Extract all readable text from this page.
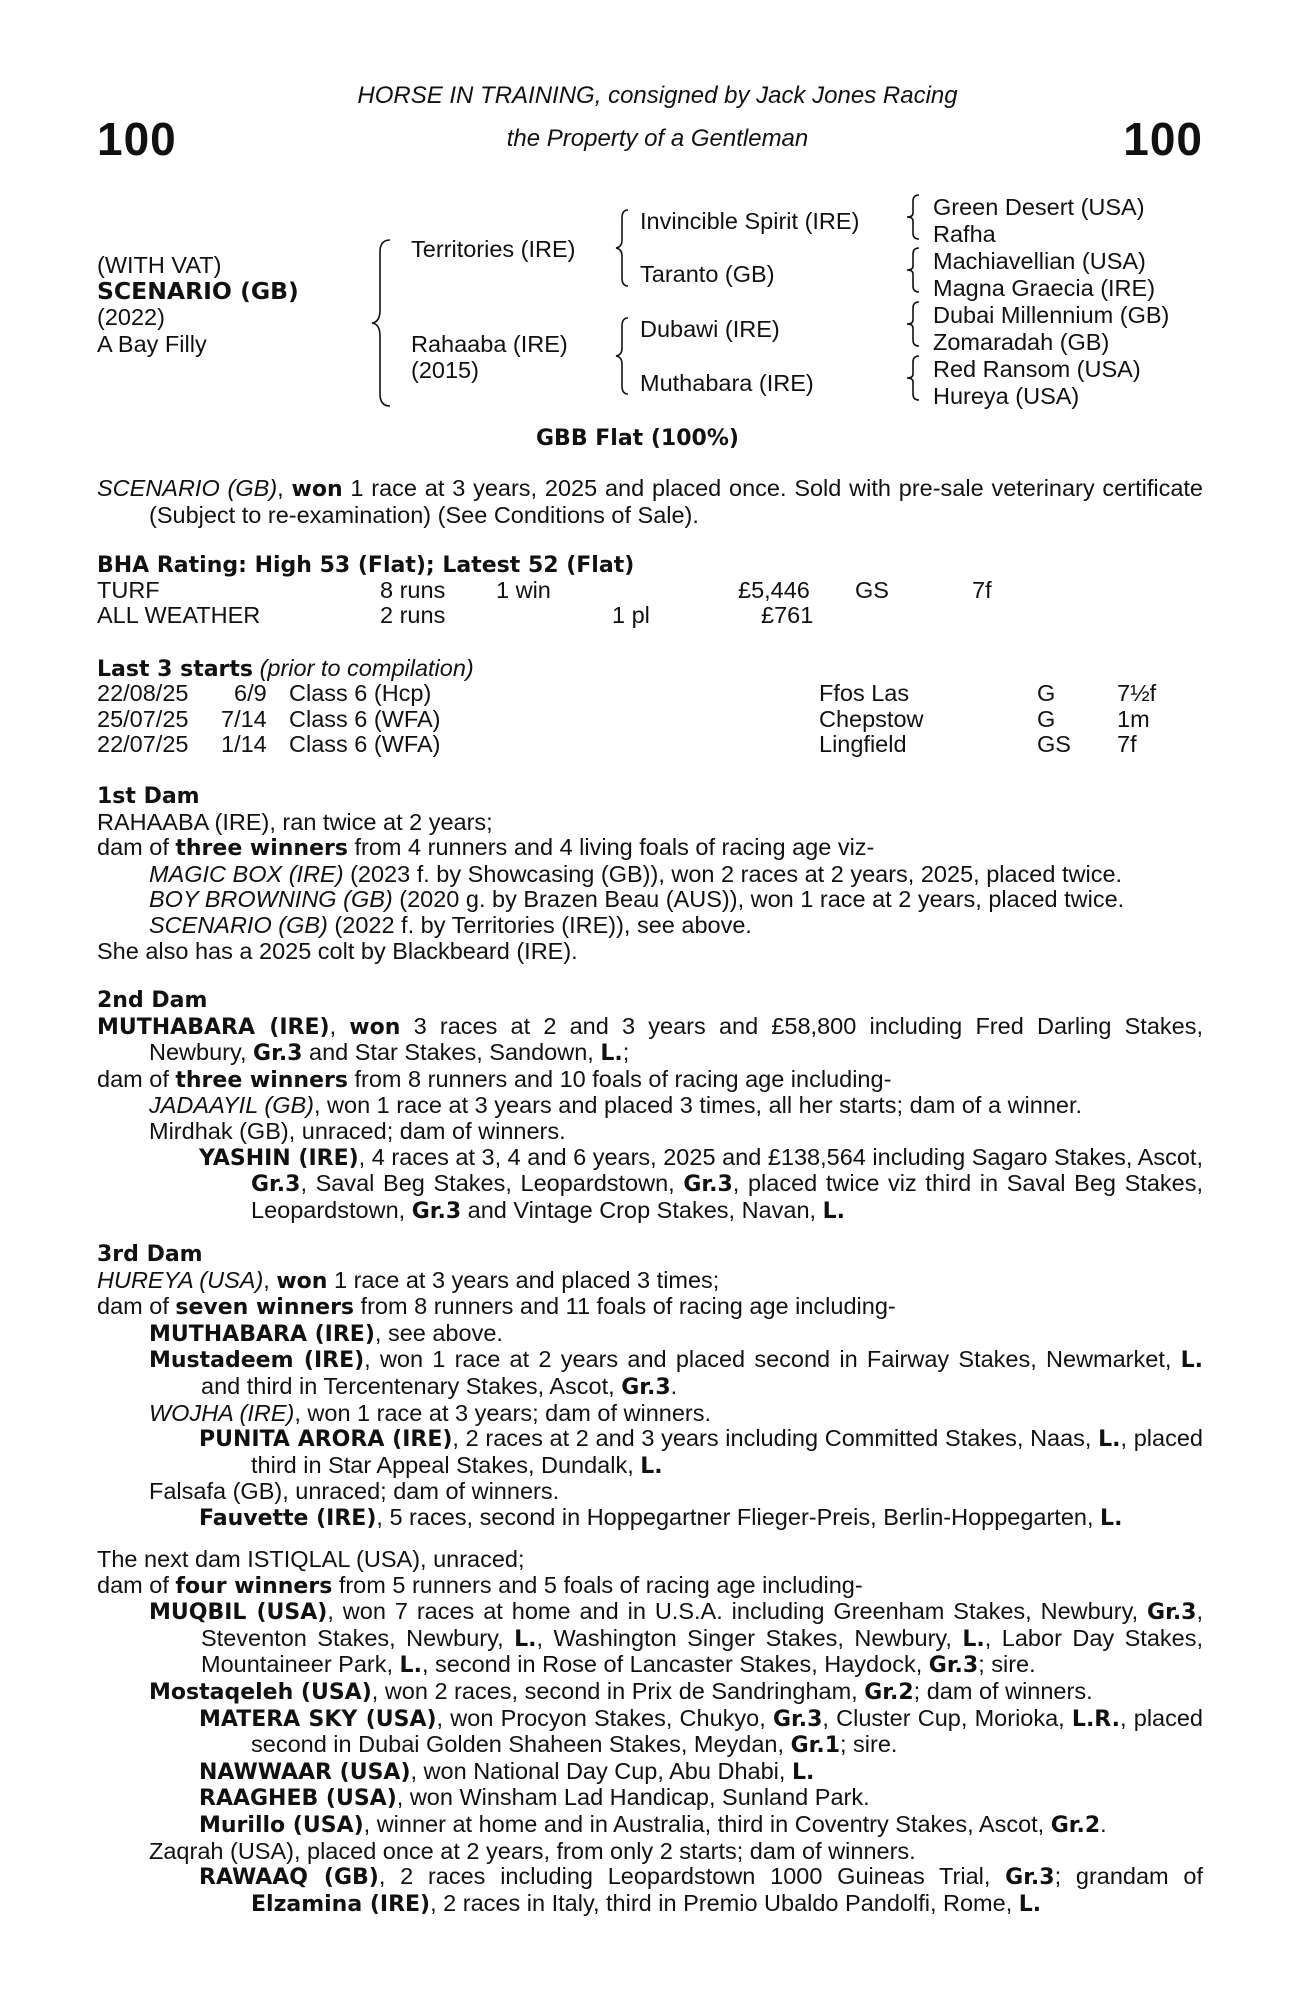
100	100
HORSE IN TRAINING, consigned by Jack Jones Racing
the Property of a Gentleman
(WITH VAT)
SCENARIO (GB)
(2022)
A Bay Filly
Territories (IRE)
Rahaaba (IRE)
(2015)
Invincible Spirit (IRE)
Taranto (GB)
Dubawi (IRE)
Muthabara (IRE)
Green Desert (USA)
Rafha
Machiavellian (USA)
Magna Graecia (IRE)
Dubai Millennium (GB)
Zomaradah (GB)
Red Ransom (USA)
Hureya (USA)
GBB Flat (100%)

SCENARIO (GB), won 1 race at 3 years, 2025 and placed once. Sold with pre-sale veterinary certificate (Subject to re-examination) (See Conditions of Sale).

BHA Rating: High 53 (Flat); Latest 52 (Flat)
TURF	8 runs 1 win	£5,446 GS	7f
ALL WEATHER	2 runs	1 pl	£761
Last 3 starts (prior to compilation)
22/08/25 6/9 Class 6 (Hcp)	Ffos Las	G	7½f
25/07/25 7/14 Class 6 (WFA)	Chepstow	G	1m
22/07/25 1/14 Class 6 (WFA)	Lingfield	GS 7f
1st Dam
RAHAABA (IRE), ran twice at 2 years;
dam of three winners from 4 runners and 4 living foals of racing age viz-
MAGIC BOX (IRE) (2023 f. by Showcasing (GB)), won 2 races at 2 years, 2025, placed twice.
BOY BROWNING (GB) (2020 g. by Brazen Beau (AUS)), won 1 race at 2 years, placed twice.
SCENARIO (GB) (2022 f. by Territories (IRE)), see above.
She also has a 2025 colt by Blackbeard (IRE).
2nd Dam

MUTHABARA (IRE), won 3 races at 2 and 3 years and £58,800 including Fred Darling Stakes, Newbury, Gr.3 and Star Stakes, Sandown, L.;

dam of three winners from 8 runners and 10 foals of racing age including-
JADAAYIL (GB), won 1 race at 3 years and placed 3 times, all her starts; dam of a winner.
Mirdhak (GB), unraced; dam of winners.

YASHIN (IRE), 4 races at 3, 4 and 6 years, 2025 and £138,564 including Sagaro Stakes, Ascot, Gr.3, Saval Beg Stakes, Leopardstown, Gr.3, placed twice viz third in Saval Beg Stakes, Leopardstown, Gr.3 and Vintage Crop Stakes, Navan, L.

3rd Dam
HUREYA (USA), won 1 race at 3 years and placed 3 times;
dam of seven winners from 8 runners and 11 foals of racing age including-
MUTHABARA (IRE), see above.

Mustadeem (IRE), won 1 race at 2 years and placed second in Fairway Stakes, Newmarket, L. and third in Tercentenary Stakes, Ascot, Gr.3.

WOJHA (IRE), won 1 race at 3 years; dam of winners.

PUNITA ARORA (IRE), 2 races at 2 and 3 years including Committed Stakes, Naas, L., placed third in Star Appeal Stakes, Dundalk, L.

Falsafa (GB), unraced; dam of winners.
Fauvette (IRE), 5 races, second in Hoppegartner Flieger-Preis, Berlin-Hoppegarten, L.
The next dam ISTIQLAL (USA), unraced;
dam of four winners from 5 runners and 5 foals of racing age including-

MUQBIL (USA), won 7 races at home and in U.S.A. including Greenham Stakes, Newbury, Gr.3, Steventon Stakes, Newbury, L., Washington Singer Stakes, Newbury, L., Labor Day Stakes, Mountaineer Park, L., second in Rose of Lancaster Stakes, Haydock, Gr.3; sire.

Mostaqeleh (USA), won 2 races, second in Prix de Sandringham, Gr.2; dam of winners.

MATERA SKY (USA), won Procyon Stakes, Chukyo, Gr.3, Cluster Cup, Morioka, L.R., placed second in Dubai Golden Shaheen Stakes, Meydan, Gr.1; sire.

NAWWAAR (USA), won National Day Cup, Abu Dhabi, L.
RAAGHEB (USA), won Winsham Lad Handicap, Sunland Park.
Murillo (USA), winner at home and in Australia, third in Coventry Stakes, Ascot, Gr.2.
Zaqrah (USA), placed once at 2 years, from only 2 starts; dam of winners.

RAWAAQ (GB), 2 races including Leopardstown 1000 Guineas Trial, Gr.3; grandam of Elzamina (IRE), 2 races in Italy, third in Premio Ubaldo Pandolfi, Rome, L.
